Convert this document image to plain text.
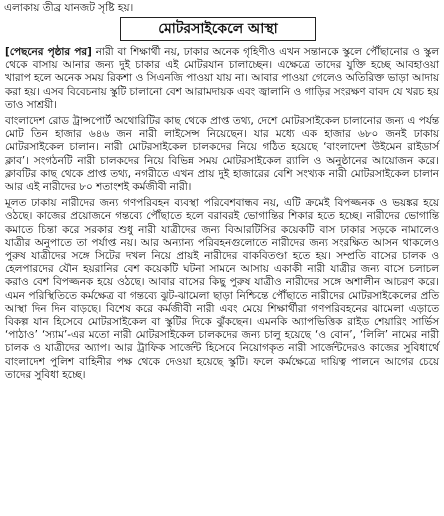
এলাকায় তীব্র যানজট সৃষ্টি হয়।
মোটরসাইকেলে আস্থা

[পেছনের পৃষ্ঠার পর] নারী বা শিক্ষার্থী নয়, ঢাকার অনেক গৃহিণীও এখন সন্তানকে স্কুলে পৌঁছানোর ও স্কুল থেকে বাসায় আনার জন্য দুই চাকার এই মোটরযান চালাচ্ছেন। এক্ষেত্রে তাদের যুক্তি হচ্ছে আবহাওয়া খারাপ হলে অনেক সময় রিকশা ও সিএনজি পাওয়া যায় না। আবার পাওয়া গেলেও অতিরিক্ত ভাড়া আদায় করা হয়। এসব বিবেচনায় স্কুটি চালানো বেশ আরামদায়ক এবং জ্বালানি ও গাড়ির সংরক্ষণ বাবদ যে খরচ হয় তাও সাশ্রয়ী।

বাংলাদেশ রোড ট্রান্সপোর্ট অথোরিটির কাছ থেকে প্রাপ্ত তথ্য, দেশে মোটরসাইকেল চালানোর জন্য এ পর্যন্ত মোট তিন হাজার ৬৪৬ জন নারী লাইসেন্স নিয়েছেন। যার মধ্যে এক হাজার ৬৮০ জনই ঢাকায় মোটরসাইকেল চালান। নারী মোটরসাইকেল চালকদের নিয়ে গঠিত হয়েছে ‘বাংলাদেশ উইমেন রাইডার্স ক্লাব’। সংগঠনটি নারী চালকদের নিয়ে বিভিন্ন সময় মোটরসাইকেল র‌্যালি ও অনুষ্ঠানের আয়োজন করে। ক্লাবটির কাছ থেকে প্রাপ্ত তথ্য, নগরীতে এখন প্রায় দুই হাজারের বেশি সংখ্যক নারী মোটরসাইকেল চালান আর এই নারীদের ৮০ শতাংশই কর্মজীবী নারী।

মূলত ঢাকায় নারীদের জন্য গণপরিবহন ব্যবস্থা পরিবেশবান্ধব নয়, এটি ক্রমেই বিপজ্জনক ও ভয়ঙ্কর হয়ে ওঠছে। কাজের প্রয়োজনে গন্তব্যে পৌঁছাতে হলে বরাবরই ভোগান্তির শিকার হতে হচ্ছে। নারীদের ভোগান্তি কমাতে চিন্তা করে সরকার শুধু নারী যাত্রীদের জন্য বিআরটিসির কয়েকটি বাস ঢাকার সড়কে নামালেও যাত্রীর অনুপাতে তা পর্যাপ্ত নয়। আর অন্যান্য পরিবহনগুলোতে নারীদের জন্য সংরক্ষিত আসন থাকলেও পুরুষ যাত্রীদের সঙ্গে সিটের দখল নিয়ে প্রায়ই নারীদের বাকবিতণ্ডা হতে হয়। সম্প্রতি বাসের চালক ও হেলপারদের যৌন হয়রানির বেশ কয়েকটি ঘটনা সামনে আসায় একাকী নারী যাত্রীর জন্য বাসে চলাচল করাও বেশ বিপজ্জনক হয়ে ওঠছে। আবার বাসের কিছু পুরুষ যাত্রীও নারীদের সঙ্গে অশালীন আচরণ করে। এমন পরিস্থিতিতে কর্মক্ষেত্র বা গন্তব্যে ঝুট-ঝামেলা ছাড়া নিশ্চিন্তে পৌঁছাতে নারীদের মোটরসাইকেলের প্রতি আস্থা দিন দিন বাড়ছে। বিশেষ করে কর্মজীবী নারী এবং মেয়ে শিক্ষার্থীরা গণপরিবহনের ঝামেলা এড়াতে বিকল্প যান হিসেবে মোটরসাইকেল বা স্কুটির দিকে ঝুঁকছেন। এমনকি অ্যাপভিত্তিক রাইড শেয়ারিং সার্ভিস ‘পাঠাও’ ‘স্যাম’-এর মতো নারী মোটরসাইকেল চালকদের জন্য চালু হয়েছে ‘ও বোন’, ‘লিলি’ নামের নারী চালক ও যাত্রীদের অ্যাপ। আর ট্রাফিক সার্জেন্ট হিসেবে নিয়োগকৃত নারী সার্জেন্টদেরও কাজের সুবিধার্থে বাংলাদেশ পুলিশ বাহিনীর পক্ষ থেকে দেওয়া হয়েছে স্কুটি। ফলে কর্মক্ষেত্রে দায়িত্ব পালনে আগের চেয়ে তাদের সুবিধা হচ্ছে।
